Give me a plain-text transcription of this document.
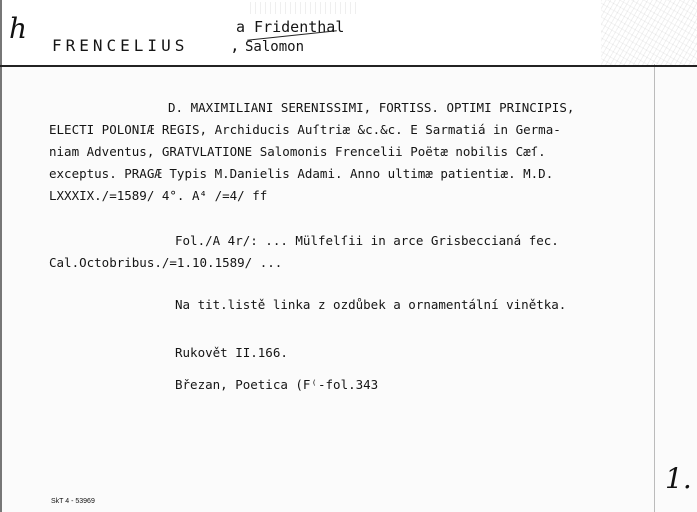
h
1.
a Fridenthal
FRENCELIUS	, Salomon
D. MAXIMILIANI SERENISSIMI, FORTISS. OPTIMI PRINCIPIS,
ELECTI POLONIÆ REGIS, Archiducis Auſtriæ &c.&c. E Sarmatiá in Germa-
niam Adventus, GRATVLATIONE Salomonis Frencelii Poëtæ nobilis Cæſ.
exceptus. PRAGÆ Typis M.Danielis Adami. Anno ultimæ patientiæ. M.D.
LXXXIX./=1589/ 4°. A⁴ /=4/ ff
Fol./A 4r/: ... Mülfelſii in arce Grisbeccianá fec.
Cal.Octobribus./=1.10.1589/ ...
Na tit.listě linka z ozdůbek a ornamentální vinětka.
Rukovět II.166.
Březan, Poetica (F⁽-fol.343
SkT 4 - 53969
